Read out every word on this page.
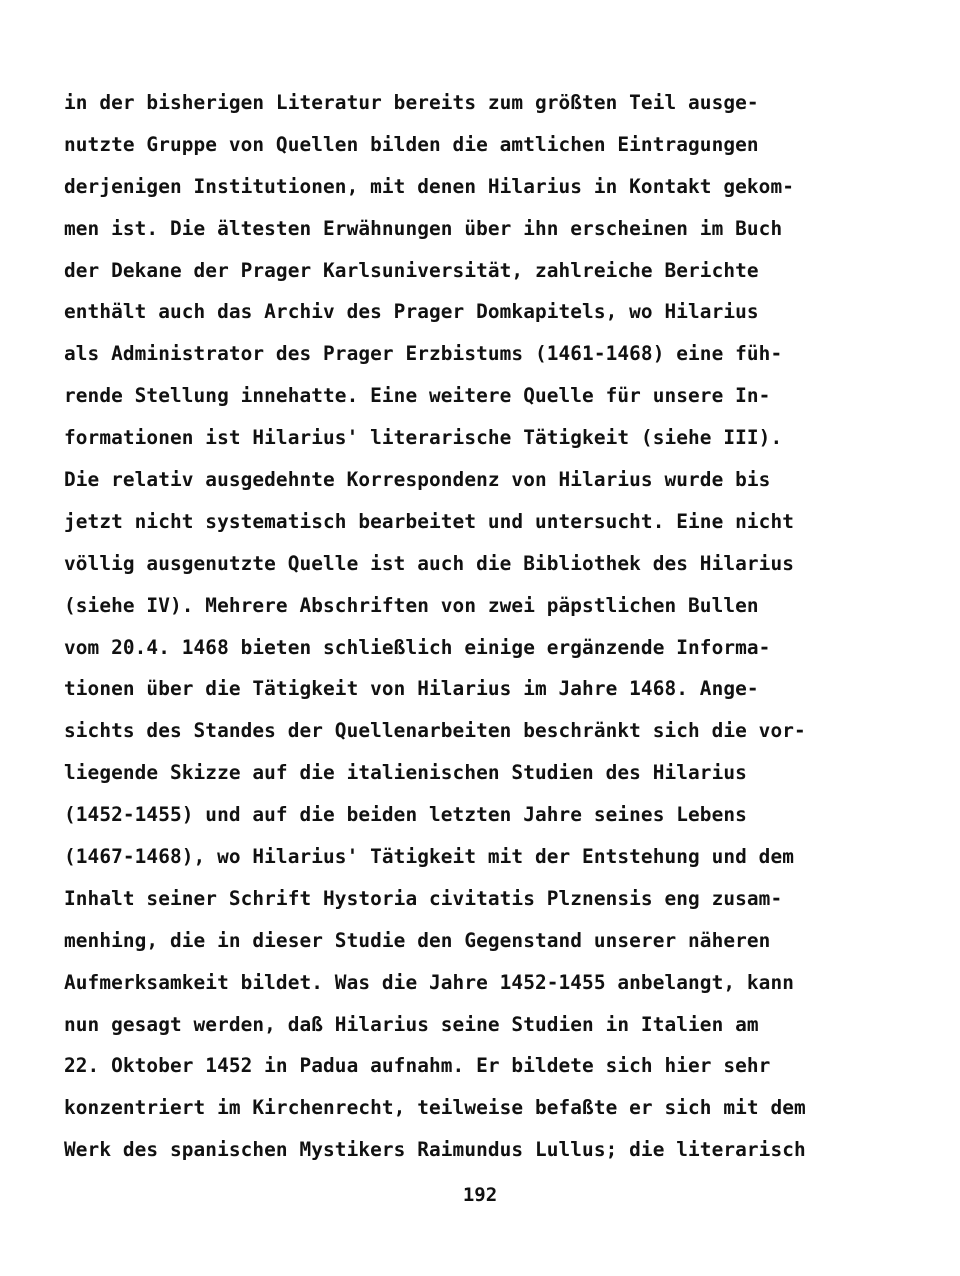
in der bisherigen Literatur bereits zum größten Teil ausge-
nutzte Gruppe von Quellen bilden die amtlichen Eintragungen
derjenigen Institutionen, mit denen Hilarius in Kontakt gekom-
men ist. Die ältesten Erwähnungen über ihn erscheinen im Buch
der Dekane der Prager Karlsuniversität, zahlreiche Berichte
enthält auch das Archiv des Prager Domkapitels, wo Hilarius
als Administrator des Prager Erzbistums (1461-1468) eine füh-
rende Stellung innehatte. Eine weitere Quelle für unsere In-
formationen ist Hilarius' literarische Tätigkeit (siehe III).
Die relativ ausgedehnte Korrespondenz von Hilarius wurde bis
jetzt nicht systematisch bearbeitet und untersucht. Eine nicht
völlig ausgenutzte Quelle ist auch die Bibliothek des Hilarius
(siehe IV). Mehrere Abschriften von zwei päpstlichen Bullen
vom 20.4. 1468 bieten schließlich einige ergänzende Informa-
tionen über die Tätigkeit von Hilarius im Jahre 1468. Ange-
sichts des Standes der Quellenarbeiten beschränkt sich die vor-
liegende Skizze auf die italienischen Studien des Hilarius
(1452-1455) und auf die beiden letzten Jahre seines Lebens
(1467-1468), wo Hilarius' Tätigkeit mit der Entstehung und dem
Inhalt seiner Schrift Hystoria civitatis Plznensis eng zusam-
menhing, die in dieser Studie den Gegenstand unserer näheren
Aufmerksamkeit bildet. Was die Jahre 1452-1455 anbelangt, kann
nun gesagt werden, daß Hilarius seine Studien in Italien am
22. Oktober 1452 in Padua aufnahm. Er bildete sich hier sehr
konzentriert im Kirchenrecht, teilweise befaßte er sich mit dem
Werk des spanischen Mystikers Raimundus Lullus; die literarisch
192
